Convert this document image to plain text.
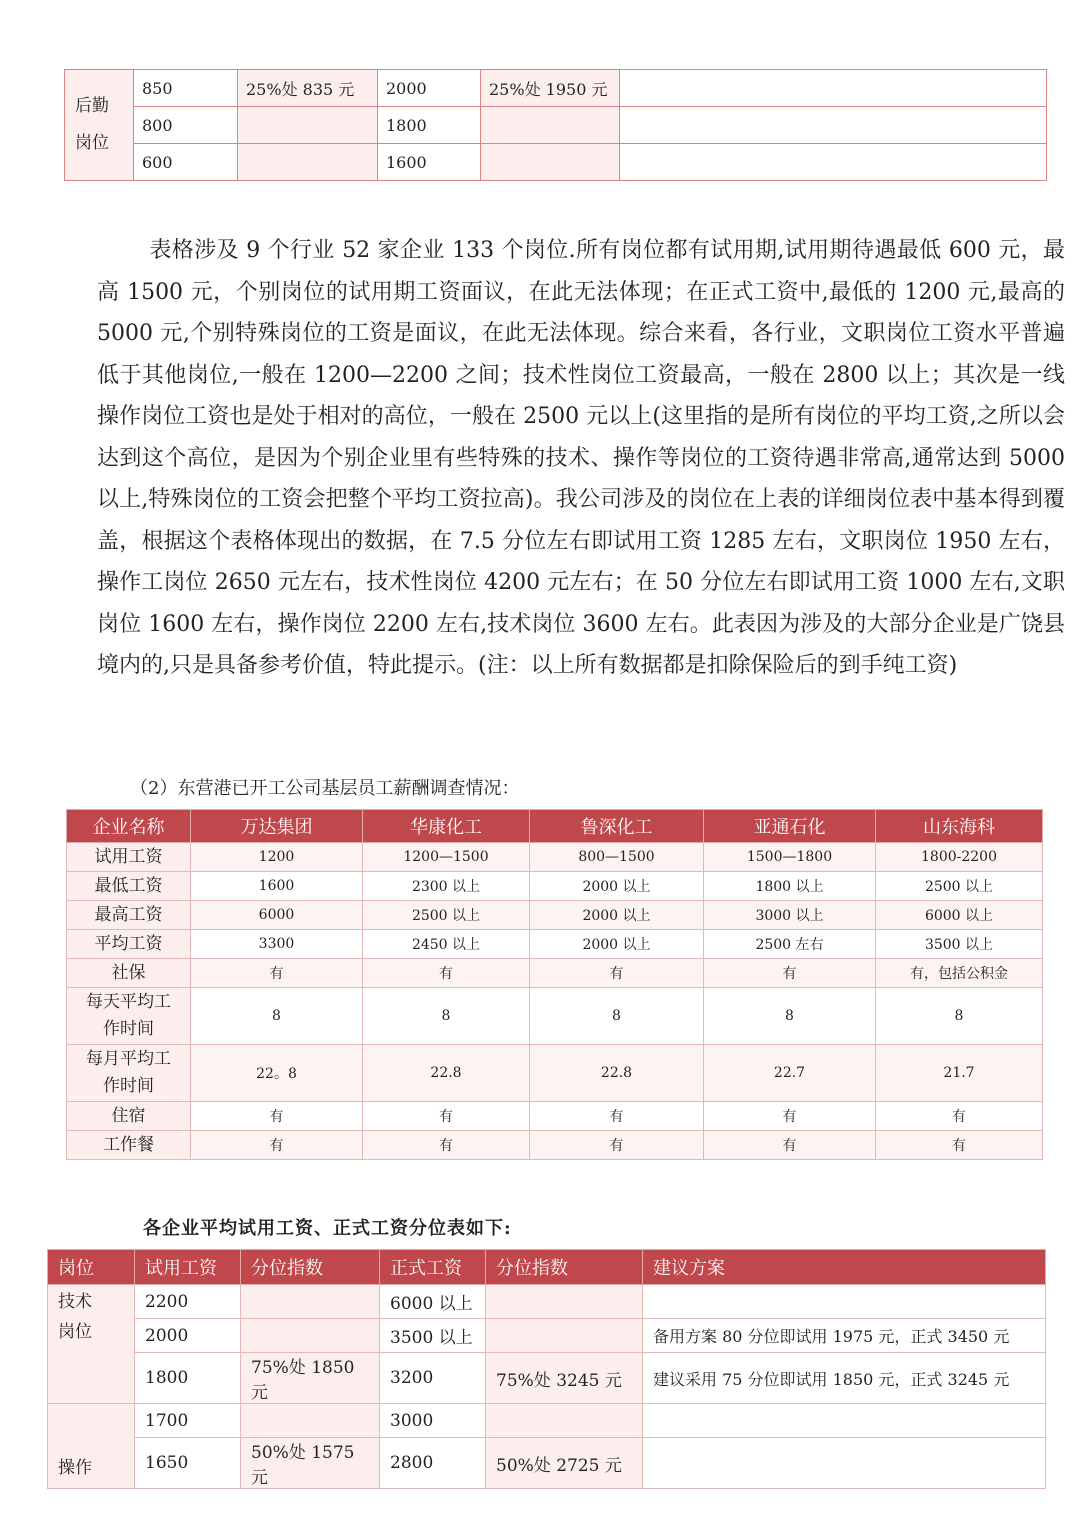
后勤
岗位	850	25%处 835 元	2000	25%处 1950 元	
	800		1800		
	600		1600		

表格涉及 9 个行业 52 家企业 133 个岗位.所有岗位都有试用期,试用期待遇最低 600 元，最高 1500 元，个别岗位的试用期工资面议，在此无法体现；在正式工资中,最低的 1200 元,最高的 5000 元,个别特殊岗位的工资是面议，在此无法体现。综合来看，各行业，文职岗位工资水平普遍低于其他岗位,一般在 1200—2200 之间；技术性岗位工资最高，一般在 2800 以上；其次是一线操作岗位工资也是处于相对的高位，一般在 2500 元以上(这里指的是所有岗位的平均工资,之所以会达到这个高位，是因为个别企业里有些特殊的技术、操作等岗位的工资待遇非常高,通常达到 5000 以上,特殊岗位的工资会把整个平均工资拉高)。我公司涉及的岗位在上表的详细岗位表中基本得到覆盖，根据这个表格体现出的数据，在 7.5 分位左右即试用工资 1285 左右，文职岗位 1950 左右，操作工岗位 2650 元左右，技术性岗位 4200 元左右；在 50 分位左右即试用工资 1000 左右,文职岗位 1600 左右，操作岗位 2200 左右,技术岗位 3600 左右。此表因为涉及的大部分企业是广饶县境内的,只是具备参考价值，特此提示。(注：以上所有数据都是扣除保险后的到手纯工资)

（2）东营港已开工公司基层员工薪酬调查情况：

企业名称	万达集团	华康化工	鲁深化工	亚通石化	山东海科
试用工资	1200	1200—1500	800—1500	1500—1800	1800-2200
最低工资	1600	2300 以上	2000 以上	1800 以上	2500 以上
最高工资	6000	2500 以上	2000 以上	3000 以上	6000 以上
平均工资	3300	2450 以上	2000 以上	2500 左右	3500 以上
社保	有	有	有	有	有，包括公积金
每天平均工
作时间	8	8	8	8	8
每月平均工
作时间	22。8	22.8	22.8	22.7	21.7
住宿	有	有	有	有	有
工作餐	有	有	有	有	有

各企业平均试用工资、正式工资分位表如下:

岗位	试用工资	分位指数	正式工资	分位指数	建议方案
技术
岗位	2200		6000 以上		
	2000		3500 以上		备用方案 80 分位即试用 1975 元，正式 3450 元
	1800	75%处 1850 元	3200	75%处 3245 元	建议采用 75 分位即试用 1850 元，正式 3245 元
操作	1700		3000		
	1650	50%处 1575 元	2800	50%处 2725 元	
